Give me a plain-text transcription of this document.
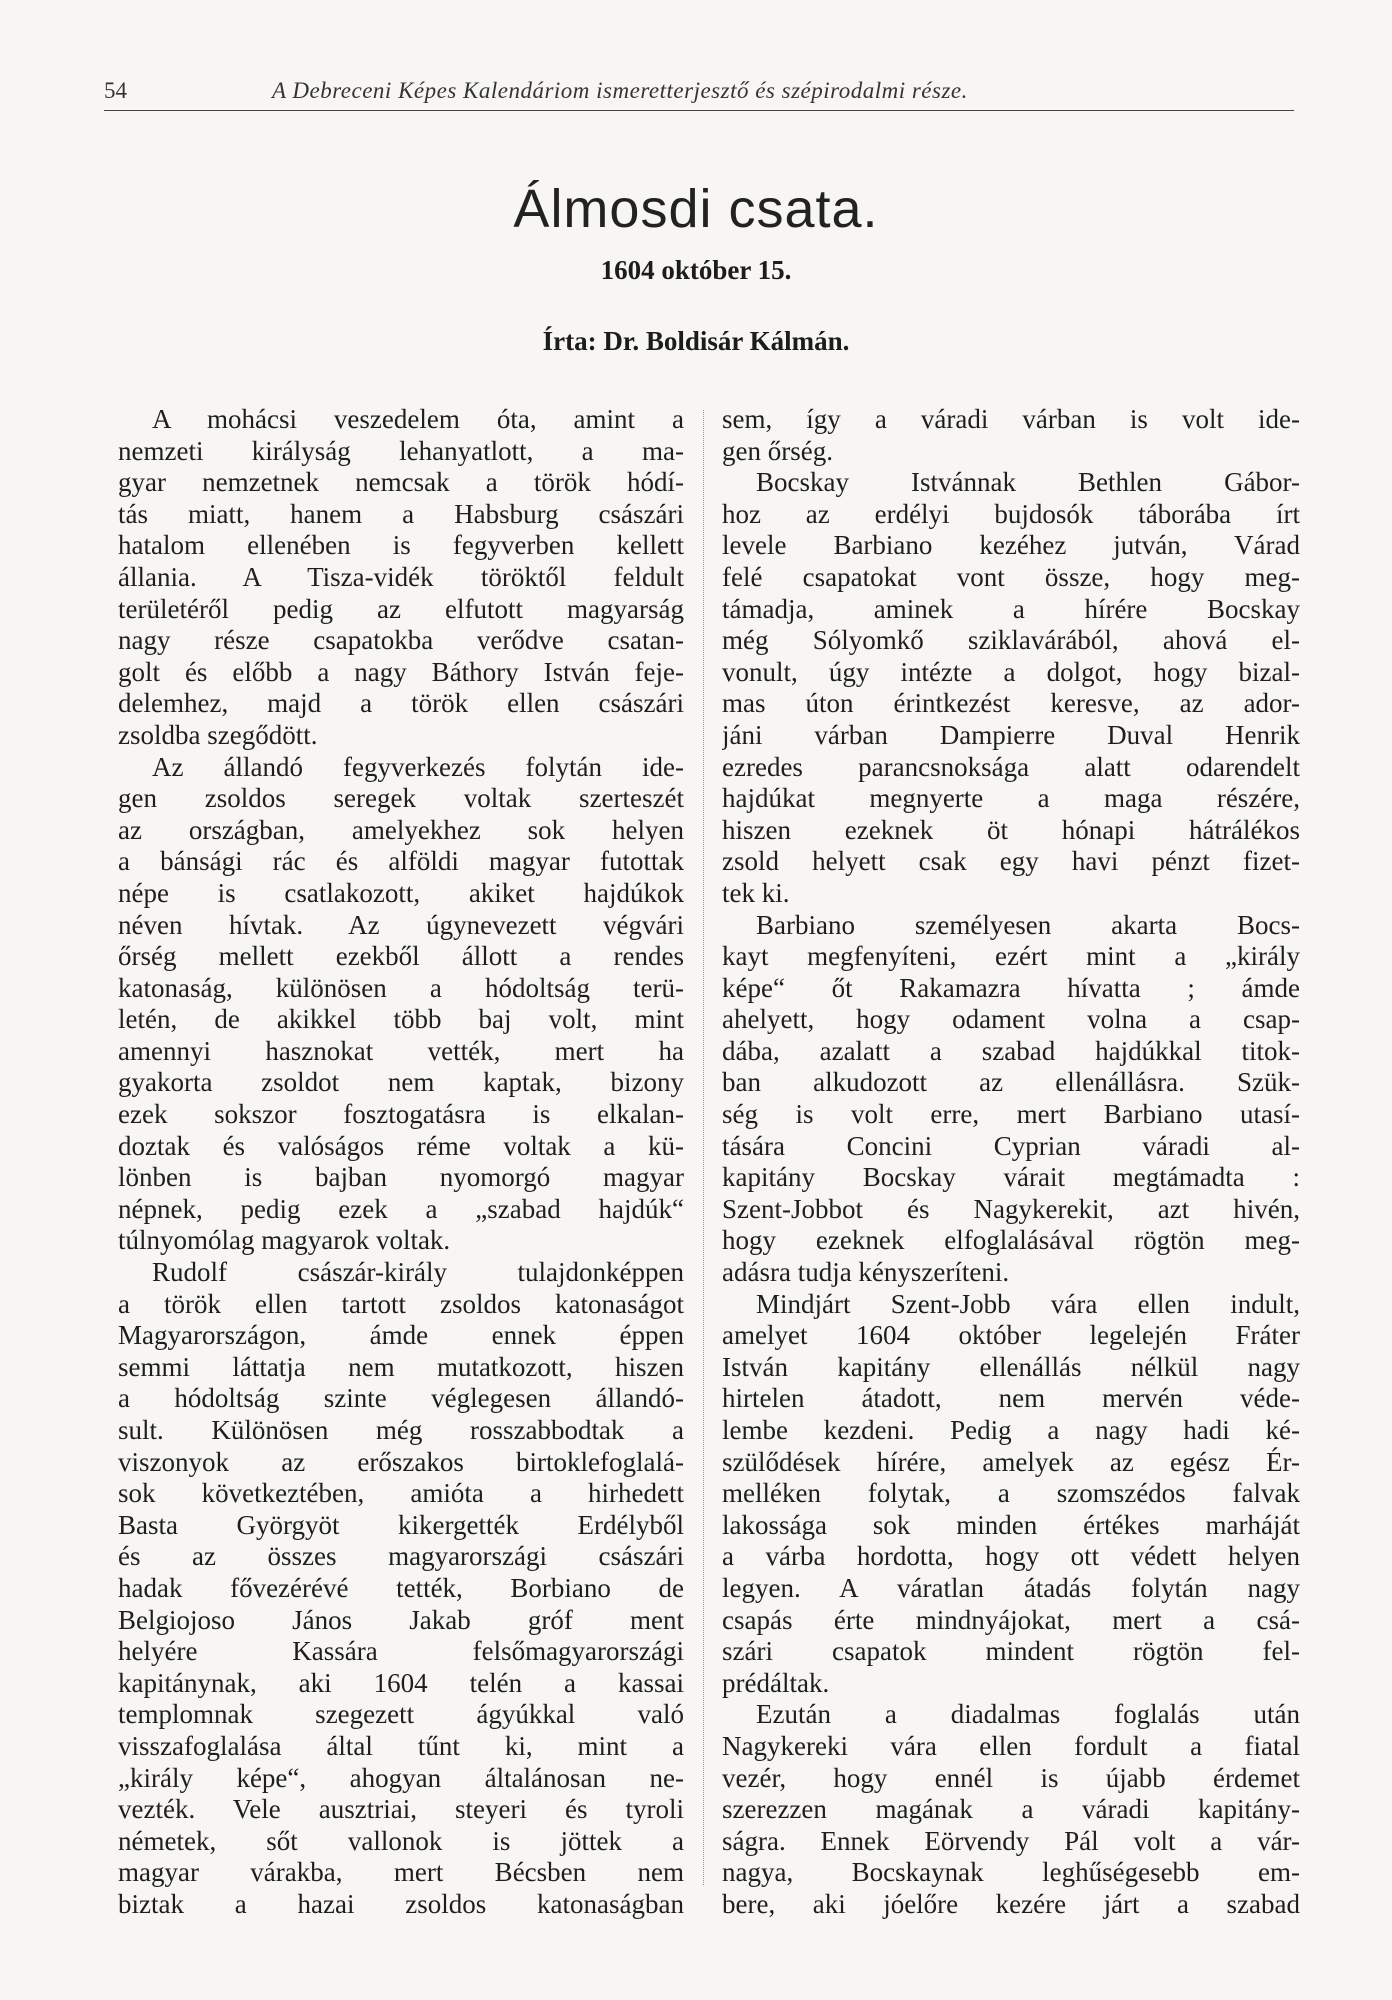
54	A Debreceni Képes Kalendáriom ismeretterjesztő és szépirodalmi része.
Álmosdi csata.
1604 október 15.
Írta: Dr. Boldisár Kálmán.
A mohácsi veszedelem óta, amint a
nemzeti királyság lehanyatlott, a ma-
gyar nemzetnek nemcsak a török hódí-
tás miatt, hanem a Habsburg császári
hatalom ellenében is fegyverben kellett
állania. A Tisza-vidék töröktől feldult
területéről pedig az elfutott magyarság
nagy része csapatokba verődve csatan-
golt és előbb a nagy Báthory István feje-
delemhez, majd a török ellen császári
zsoldba szegődött.
Az állandó fegyverkezés folytán ide-
gen zsoldos seregek voltak szerteszét
az országban, amelyekhez sok helyen
a bánsági rác és alföldi magyar futottak
népe is csatlakozott, akiket hajdúkok
néven hívtak. Az úgynevezett végvári
őrség mellett ezekből állott a rendes
katonaság, különösen a hódoltság terü-
letén, de akikkel több baj volt, mint
amennyi hasznokat vették, mert ha
gyakorta zsoldot nem kaptak, bizony
ezek sokszor fosztogatásra is elkalan-
doztak és valóságos réme voltak a kü-
lönben is bajban nyomorgó magyar
népnek, pedig ezek a „szabad hajdúk“
túlnyomólag magyarok voltak.
Rudolf császár-király tulajdonképpen
a török ellen tartott zsoldos katonaságot
Magyarországon, ámde ennek éppen
semmi láttatja nem mutatkozott, hiszen
a hódoltság szinte véglegesen állandó-
sult. Különösen még rosszabbodtak a
viszonyok az erőszakos birtoklefoglalá-
sok következtében, amióta a hirhedett
Basta Györgyöt kikergették Erdélyből
és az összes magyarországi császári
hadak fővezérévé tették, Borbiano de
Belgiojoso János Jakab gróf ment
helyére Kassára felsőmagyarországi
kapitánynak, aki 1604 telén a kassai
templomnak szegezett ágyúkkal való
visszafoglalása által tűnt ki, mint a
„király képe“, ahogyan általánosan ne-
vezték. Vele ausztriai, steyeri és tyroli
németek, sőt vallonok is jöttek a
magyar várakba, mert Bécsben nem
biztak a hazai zsoldos katonaságban
sem, így a váradi várban is volt ide-
gen őrség.
Bocskay Istvánnak Bethlen Gábor-
hoz az erdélyi bujdosók táborába írt
levele Barbiano kezéhez jutván, Várad
felé csapatokat vont össze, hogy meg-
támadja, aminek a hírére Bocskay
még Sólyomkő sziklavárából, ahová el-
vonult, úgy intézte a dolgot, hogy bizal-
mas úton érintkezést keresve, az ador-
jáni várban Dampierre Duval Henrik
ezredes parancsnoksága alatt odarendelt
hajdúkat megnyerte a maga részére,
hiszen ezeknek öt hónapi hátrálékos
zsold helyett csak egy havi pénzt fizet-
tek ki.
Barbiano személyesen akarta Bocs-
kayt megfenyíteni, ezért mint a „király
képe“ őt Rakamazra hívatta ; ámde
ahelyett, hogy odament volna a csap-
dába, azalatt a szabad hajdúkkal titok-
ban alkudozott az ellenállásra. Szük-
ség is volt erre, mert Barbiano utasí-
tására Concini Cyprian váradi al-
kapitány Bocskay várait megtámadta :
Szent-Jobbot és Nagykerekit, azt hivén,
hogy ezeknek elfoglalásával rögtön meg-
adásra tudja kényszeríteni.
Mindjárt Szent-Jobb vára ellen indult,
amelyet 1604 október legelején Fráter
István kapitány ellenállás nélkül nagy
hirtelen átadott, nem mervén véde-
lembe kezdeni. Pedig a nagy hadi ké-
szülődések hírére, amelyek az egész Ér-
melléken folytak, a szomszédos falvak
lakossága sok minden értékes marháját
a várba hordotta, hogy ott védett helyen
legyen. A váratlan átadás folytán nagy
csapás érte mindnyájokat, mert a csá-
szári csapatok mindent rögtön fel-
prédáltak.
Ezután a diadalmas foglalás után
Nagykereki vára ellen fordult a fiatal
vezér, hogy ennél is újabb érdemet
szerezzen magának a váradi kapitány-
ságra. Ennek Eörvendy Pál volt a vár-
nagya, Bocskaynak leghűségesebb em-
bere, aki jóelőre kezére járt a szabad
